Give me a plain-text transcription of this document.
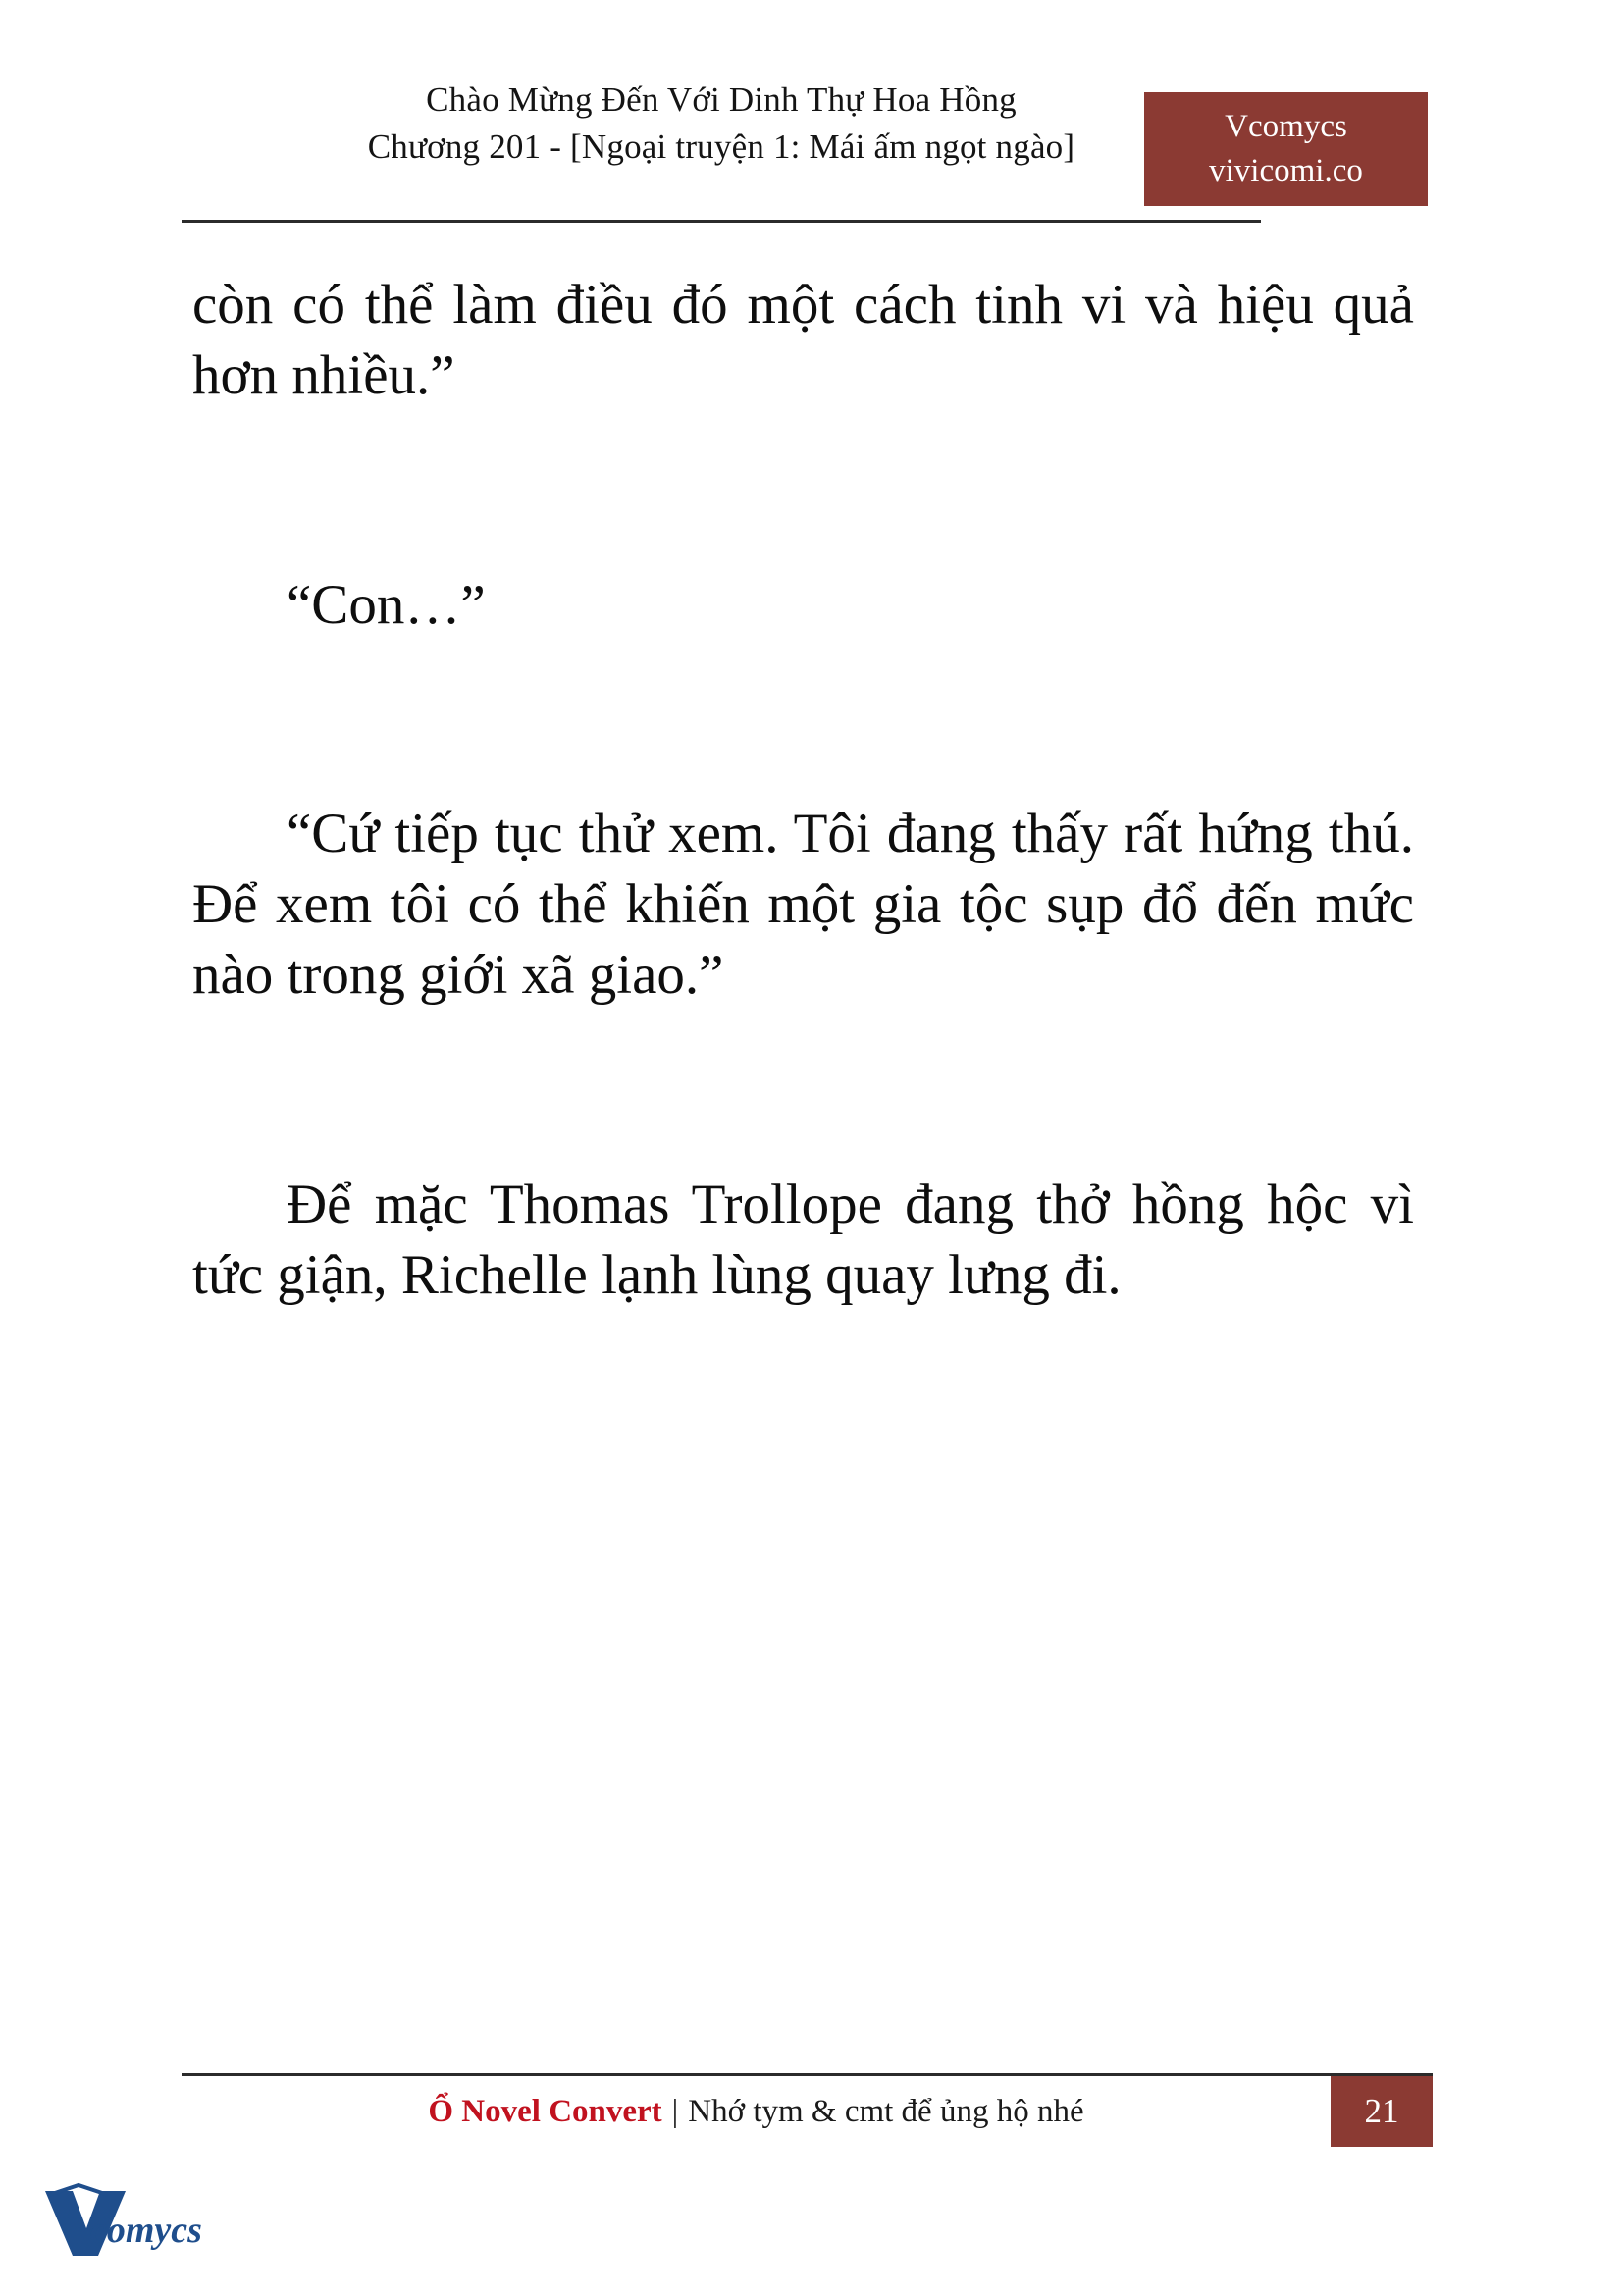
Chào Mừng Đến Với Dinh Thự Hoa Hồng
Chương 201 - [Ngoại truyện 1: Mái ấm ngọt ngào]
Vcomycs
vivicomi.co

còn có thể làm điều đó một cách tinh vi và hiệu quả hơn nhiều.”

“Con…”

“Cứ tiếp tục thử xem. Tôi đang thấy rất hứng thú. Để xem tôi có thể khiến một gia tộc sụp đổ đến mức nào trong giới xã giao.”

Để mặc Thomas Trollope đang thở hồng hộc vì tức giận, Richelle lạnh lùng quay lưng đi.

Ổ Novel Convert | Nhớ tym & cmt để ủng hộ nhé	21
comycs
